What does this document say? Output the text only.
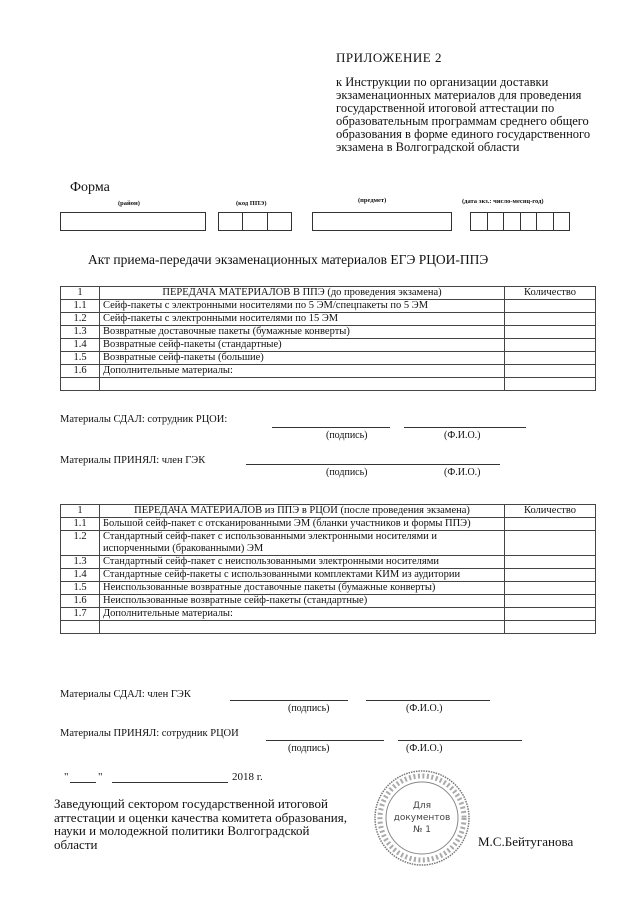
ПРИЛОЖЕНИЕ 2
к Инструкции по организации доставки экзаменационных материалов для проведения государственной итоговой аттестации по образовательным программам среднего общего образования в форме единого государственного экзамена в Волгоградской области
Форма
(район)	(код ППЭ)	(предмет)	(дата экз.: число-месяц-год)
Акт приема-передачи экзаменационных материалов ЕГЭ РЦОИ-ППЭ
1	ПЕРЕДАЧА МАТЕРИАЛОВ В ППЭ (до проведения экзамена)	Количество
1.1	Сейф-пакеты с электронными носителями по 5 ЭМ/спецпакеты по 5 ЭМ	
1.2	Сейф-пакеты с электронными носителями по 15 ЭМ	
1.3	Возвратные доставочные пакеты (бумажные конверты)	
1.4	Возвратные сейф-пакеты (стандартные)	
1.5	Возвратные сейф-пакеты (большие)	
1.6	Дополнительные материалы:	

Материалы СДАЛ: сотрудник РЦОИ:
(подпись)	(Ф.И.О.)
Материалы ПРИНЯЛ: член ГЭК
(подпись)	(Ф.И.О.)
1	ПЕРЕДАЧА МАТЕРИАЛОВ из ППЭ в РЦОИ (после проведения экзамена)	Количество
1.1	Большой сейф-пакет с отсканированными ЭМ (бланки участников и формы ППЭ)	
1.2	Стандартный сейф-пакет с использованными электронными носителями и испорченными (бракованными) ЭМ	
1.3	Стандартный сейф-пакет с неиспользованными электронными носителями	
1.4	Стандартные сейф-пакеты с использованными комплектами КИМ из аудитории	
1.5	Неиспользованные возвратные доставочные пакеты (бумажные конверты)	
1.6	Неиспользованные возвратные сейф-пакеты (стандартные)	
1.7	Дополнительные материалы:	

Материалы СДАЛ: член ГЭК
(подпись)	(Ф.И.О.)
Материалы ПРИНЯЛ: сотрудник РЦОИ
(подпись)	(Ф.И.О.)
"	"	2018 г.
Заведующий сектором государственной итоговой аттестации и оценки качества комитета образования, науки и молодежной политики Волгоградской области	М.С.Бейтуганова
Для
документов
№ 1
